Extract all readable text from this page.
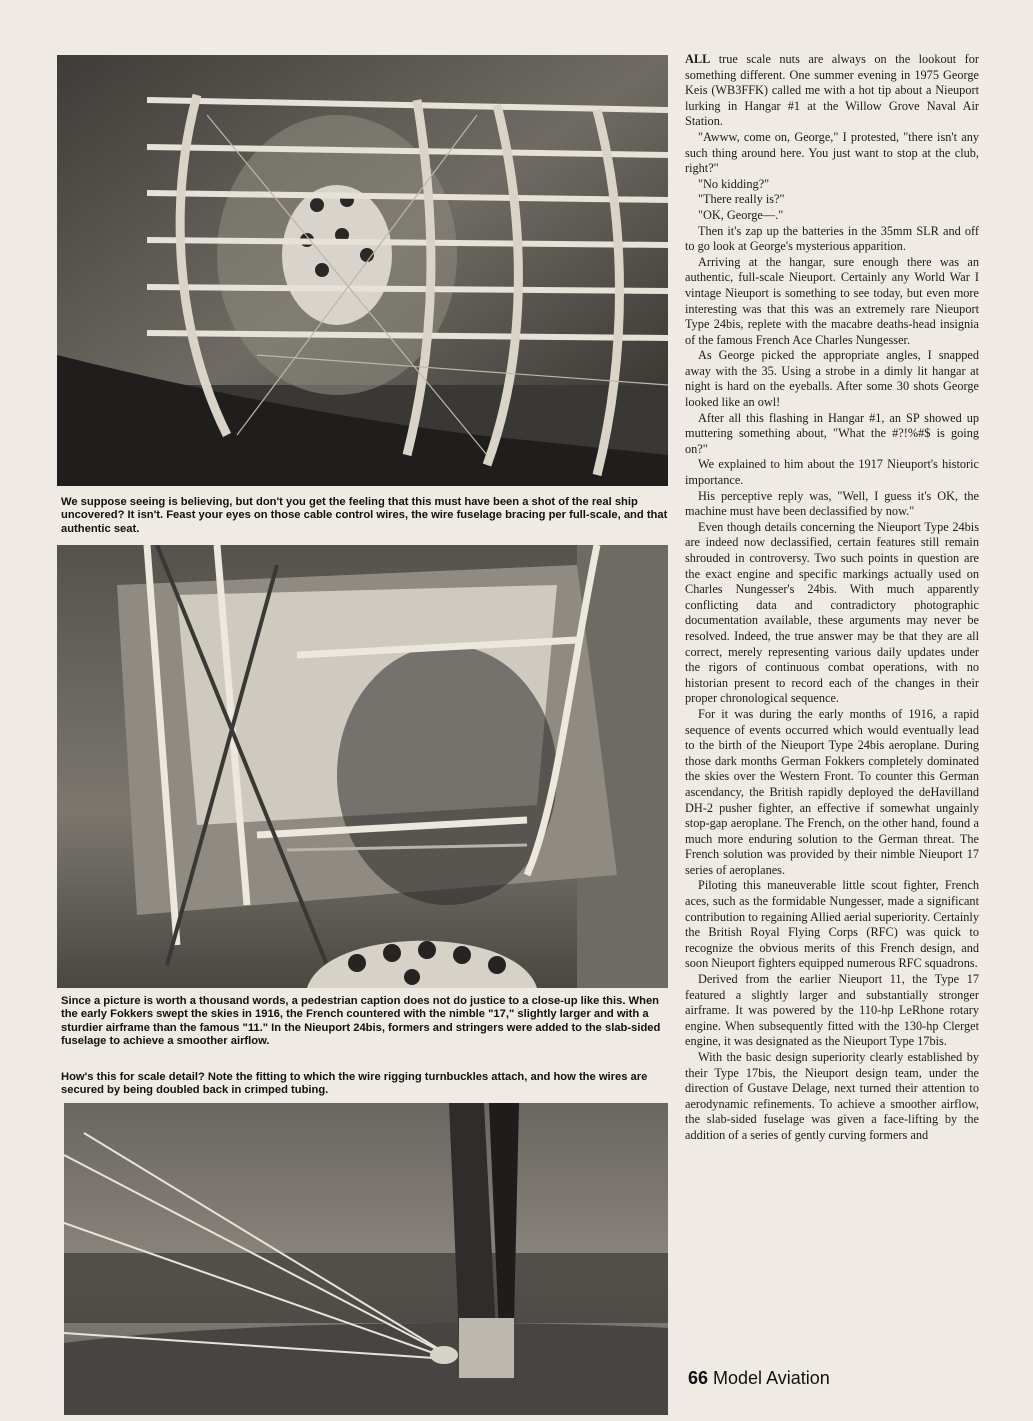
We suppose seeing is believing, but don't you get the feeling that this must have been a shot of the real ship uncovered? It isn't. Feast your eyes on those cable control wires, the wire fuselage bracing per full-scale, and that authentic seat.

Since a picture is worth a thousand words, a pedestrian caption does not do justice to a close-up like this. When the early Fokkers swept the skies in 1916, the French countered with the nimble "17," slightly larger and with a sturdier airframe than the famous "11." In the Nieuport 24bis, formers and stringers were added to the slab-sided fuselage to achieve a smoother airflow.

How's this for scale detail? Note the fitting to which the wire rigging turnbuckles attach, and how the wires are secured by being doubled back in crimped tubing.

ALL true scale nuts are always on the lookout for something different. One summer evening in 1975 George Keis (WB3FFK) called me with a hot tip about a Nieuport lurking in Hangar #1 at the Willow Grove Naval Air Station.

"Awww, come on, George," I protested, "there isn't any such thing around here. You just want to stop at the club, right?"

"No kidding?"

"There really is?"

"OK, George—."

Then it's zap up the batteries in the 35mm SLR and off to go look at George's mysterious apparition.

Arriving at the hangar, sure enough there was an authentic, full-scale Nieuport. Certainly any World War I vintage Nieuport is something to see today, but even more interesting was that this was an extremely rare Nieuport Type 24bis, replete with the macabre deaths-head insignia of the famous French Ace Charles Nungesser.

As George picked the appropriate angles, I snapped away with the 35. Using a strobe in a dimly lit hangar at night is hard on the eyeballs. After some 30 shots George looked like an owl!

After all this flashing in Hangar #1, an SP showed up muttering something about, "What the #?!%#$ is going on?"

We explained to him about the 1917 Nieuport's historic importance.

His perceptive reply was, "Well, I guess it's OK, the machine must have been declassified by now."

Even though details concerning the Nieuport Type 24bis are indeed now declassified, certain features still remain shrouded in controversy. Two such points in question are the exact engine and specific markings actually used on Charles Nungesser's 24bis. With much apparently conflicting data and contradictory photographic documentation available, these arguments may never be resolved. Indeed, the true answer may be that they are all correct, merely representing various daily updates under the rigors of continuous combat operations, with no historian present to record each of the changes in their proper chronological sequence.

For it was during the early months of 1916, a rapid sequence of events occurred which would eventually lead to the birth of the Nieuport Type 24bis aeroplane. During those dark months German Fokkers completely dominated the skies over the Western Front. To counter this German ascendancy, the British rapidly deployed the deHavilland DH-2 pusher fighter, an effective if somewhat ungainly stop-gap aeroplane. The French, on the other hand, found a much more enduring solution to the German threat. The French solution was provided by their nimble Nieuport 17 series of aeroplanes.

Piloting this maneuverable little scout fighter, French aces, such as the formidable Nungesser, made a significant contribution to regaining Allied aerial superiority. Certainly the British Royal Flying Corps (RFC) was quick to recognize the obvious merits of this French design, and soon Nieuport fighters equipped numerous RFC squadrons.

Derived from the earlier Nieuport 11, the Type 17 featured a slightly larger and substantially stronger airframe. It was powered by the 110-hp LeRhone rotary engine. When subsequently fitted with the 130-hp Clerget engine, it was designated as the Nieuport Type 17bis.

With the basic design superiority clearly established by their Type 17bis, the Nieuport design team, under the direction of Gustave Delage, next turned their attention to aerodynamic refinements. To achieve a smoother airflow, the slab-sided fuselage was given a face-lifting by the addition of a series of gently curving formers and

66 Model Aviation
